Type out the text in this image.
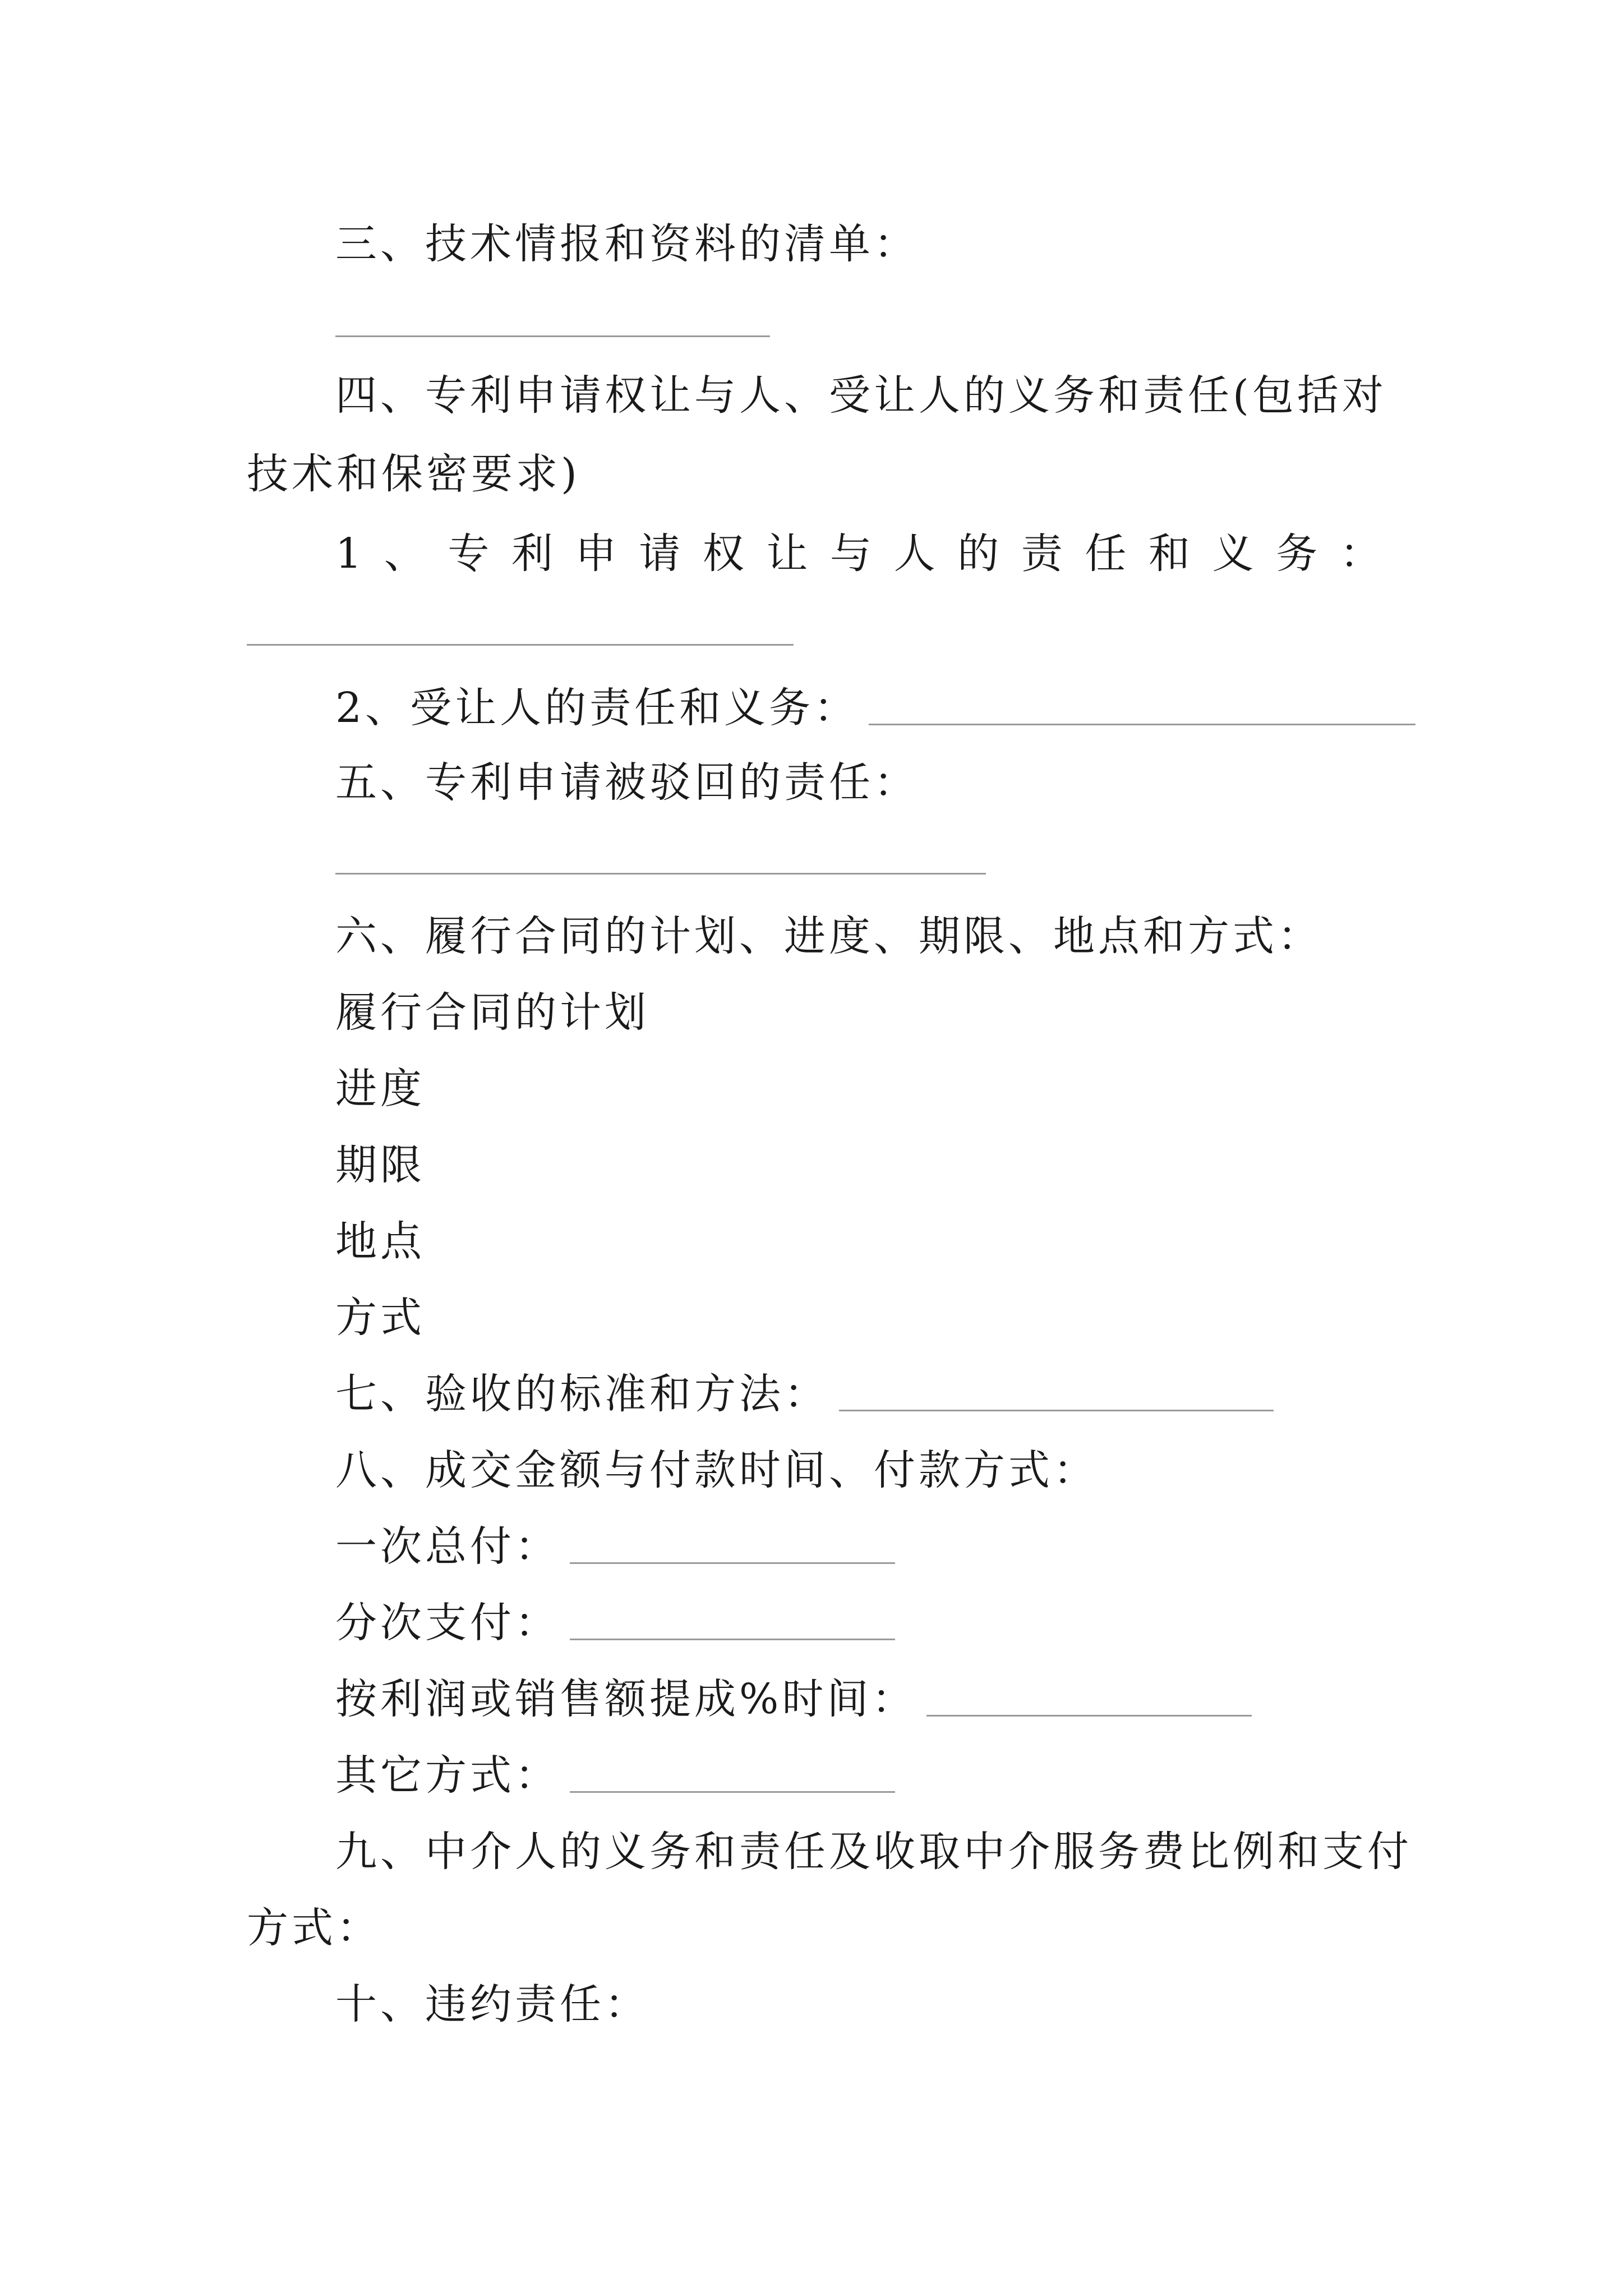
三、技术情报和资料的清单：
四、专利申请权让与人、受让人的义务和责任(包括对
技术和保密要求)
1 、 专 利 申 请 权 让 与 人 的 责 任 和 义 务 ：
2、受让人的责任和义务：
五、专利申请被驳回的责任：
六、履行合同的计划、进度、期限、地点和方式：
履行合同的计划
进度
期限
地点
方式
七、验收的标准和方法：
八、成交金额与付款时间、付款方式：
一次总付：
分次支付：
按利润或销售额提成%时间：
其它方式：
九、中介人的义务和责任及收取中介服务费比例和支付
方式：
十、违约责任：
